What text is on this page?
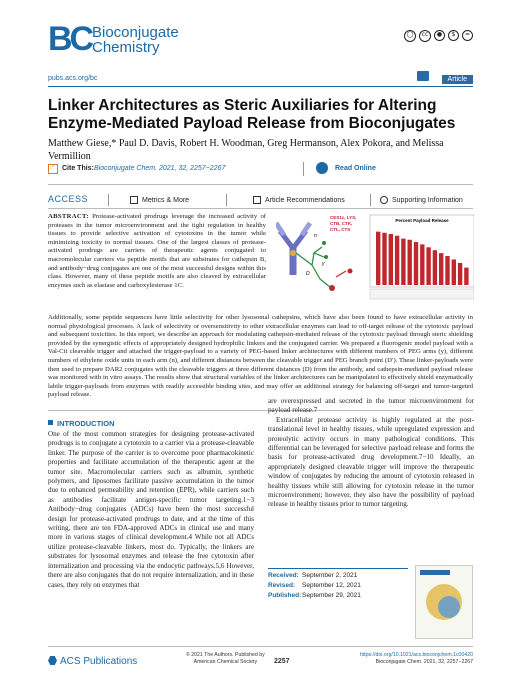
BC Bioconjugate
Chemistry
◯	cc	●	$	=
pubs.acs.org/bc	Article
Linker Architectures as Steric Auxiliaries for Altering Enzyme-Mediated Payload Release from Bioconjugates
Matthew Giese,* Paul D. Davis, Robert H. Woodman, Greg Hermanson, Alex Pokora, and Melissa Vermillion
“	Cite This: Bioconjugate Chem. 2021, 32, 2257−2267	Read Online
ACCESS	Metrics & More	Article Recommendations	Supporting Information
n
y
D
CES1c, LYS,
CTB, CTK,
CTL, CTS
Percent Payload Release
ABSTRACT: Protease-activated prodrugs leverage the increased activity of proteases in the tumor microenvironment and the tight regulation in healthy tissues to provide selective activation of cytotoxins in the tumor while minimizing toxicity to normal tissues. One of the largest classes of protease-activated prodrugs are carriers of therapeutic agents conjugated to macromolecular carriers via peptide motifs that are substrates for cathepsin B, and antibody−drug conjugates are one of the most successful designs within this class. However, many of these peptide motifs are also cleaved by extracellular enzymes such as elastase and carboxylesterase 1C.
Additionally, some peptide sequences have little selectivity for other lysosomal cathepsins, which have also been found to have extracellular activity in normal physiological processes. A lack of selectivity or oversensitivity to other extracellular enzymes can lead to off-target release of the cytotoxic payload and subsequent toxicities. In this report, we describe an approach for modulating cathepsin-mediated release of the cytotoxic payload through steric shielding provided by the synergistic effects of appropriately designed hydrophilic linkers and the conjugated carrier. We prepared a fluorogenic model payload with a Val-Cit cleavable trigger and attached the trigger-payload to a variety of PEG-based linker architectures with different numbers of PEG arms (y), different numbers of ethylene oxide units in each arm (n), and different distances between the cleavable trigger and PEG branch point (D′). These linker-payloads were then used to prepare DAR2 conjugates with the cleavable triggers at three different distances (D) from the antibody, and cathepsin-mediated payload release was monitored with in vitro assays. The results show that structural variables of the linker architectures can be manipulated to effectively shield enzymatically labile trigger-payloads from enzymes with readily accessible binding sites, and may offer an additional strategy for balancing off-target and tumor-targeted payload release.
INTRODUCTION
One of the most common strategies for designing protease-activated prodrugs is to conjugate a cytotoxin to a carrier via a protease-cleavable linker. The purpose of the carrier is to overcome poor pharmacokinetic properties and facilitate accumulation of the therapeutic agent at the tumor site. Macromolecular carriers such as albumin, synthetic polymers, and liposomes facilitate passive accumulation in the tumor due to enhanced permeability and retention (EPR), while carriers such as antibodies facilitate antigen-specific tumor targeting.1−3 Antibody−drug conjugates (ADCs) have been the most successful design for protease-activated prodrugs to date, and at the time of this writing, there are ten FDA-approved ADCs in clinical use and many more in various stages of clinical development.4 While not all ADCs utilize protease-cleavable linkers, most do. Typically, the linkers are substrates for lysosomal enzymes and release the free cytotoxin after internalization and processing via the endocytic pathways.5,6 However, there are also conjugates that do not require internalization, and in these cases, they rely on enzymes that

are overexpressed and secreted in the tumor microenvironment for payload release.7

Extracellular protease activity is highly regulated at the post-translational level in healthy tissues, while upregulated expression and proteolytic activity occurs in many pathological conditions. This differential can be leveraged for selective payload release and forms the basis for protease-activated drug development.7−10 Ideally, an appropriately designed cleavable trigger will improve the therapeutic window of conjugates by reducing the amount of cytotoxin released in healthy tissues while still allowing for cytotoxin release in the tumor microenvironment; however, they also have the possibility of payload release in healthy tissues prior to tumor targeting.

Received: September 2, 2021
Revised: September 12, 2021
Published:September 29, 2021
ACS Publications
© 2021 The Authors. Published by
American Chemical Society	2257
https://doi.org/10.1021/acs.bioconjchem.1c00420
Bioconjugate Chem. 2021, 32, 2257−2267
